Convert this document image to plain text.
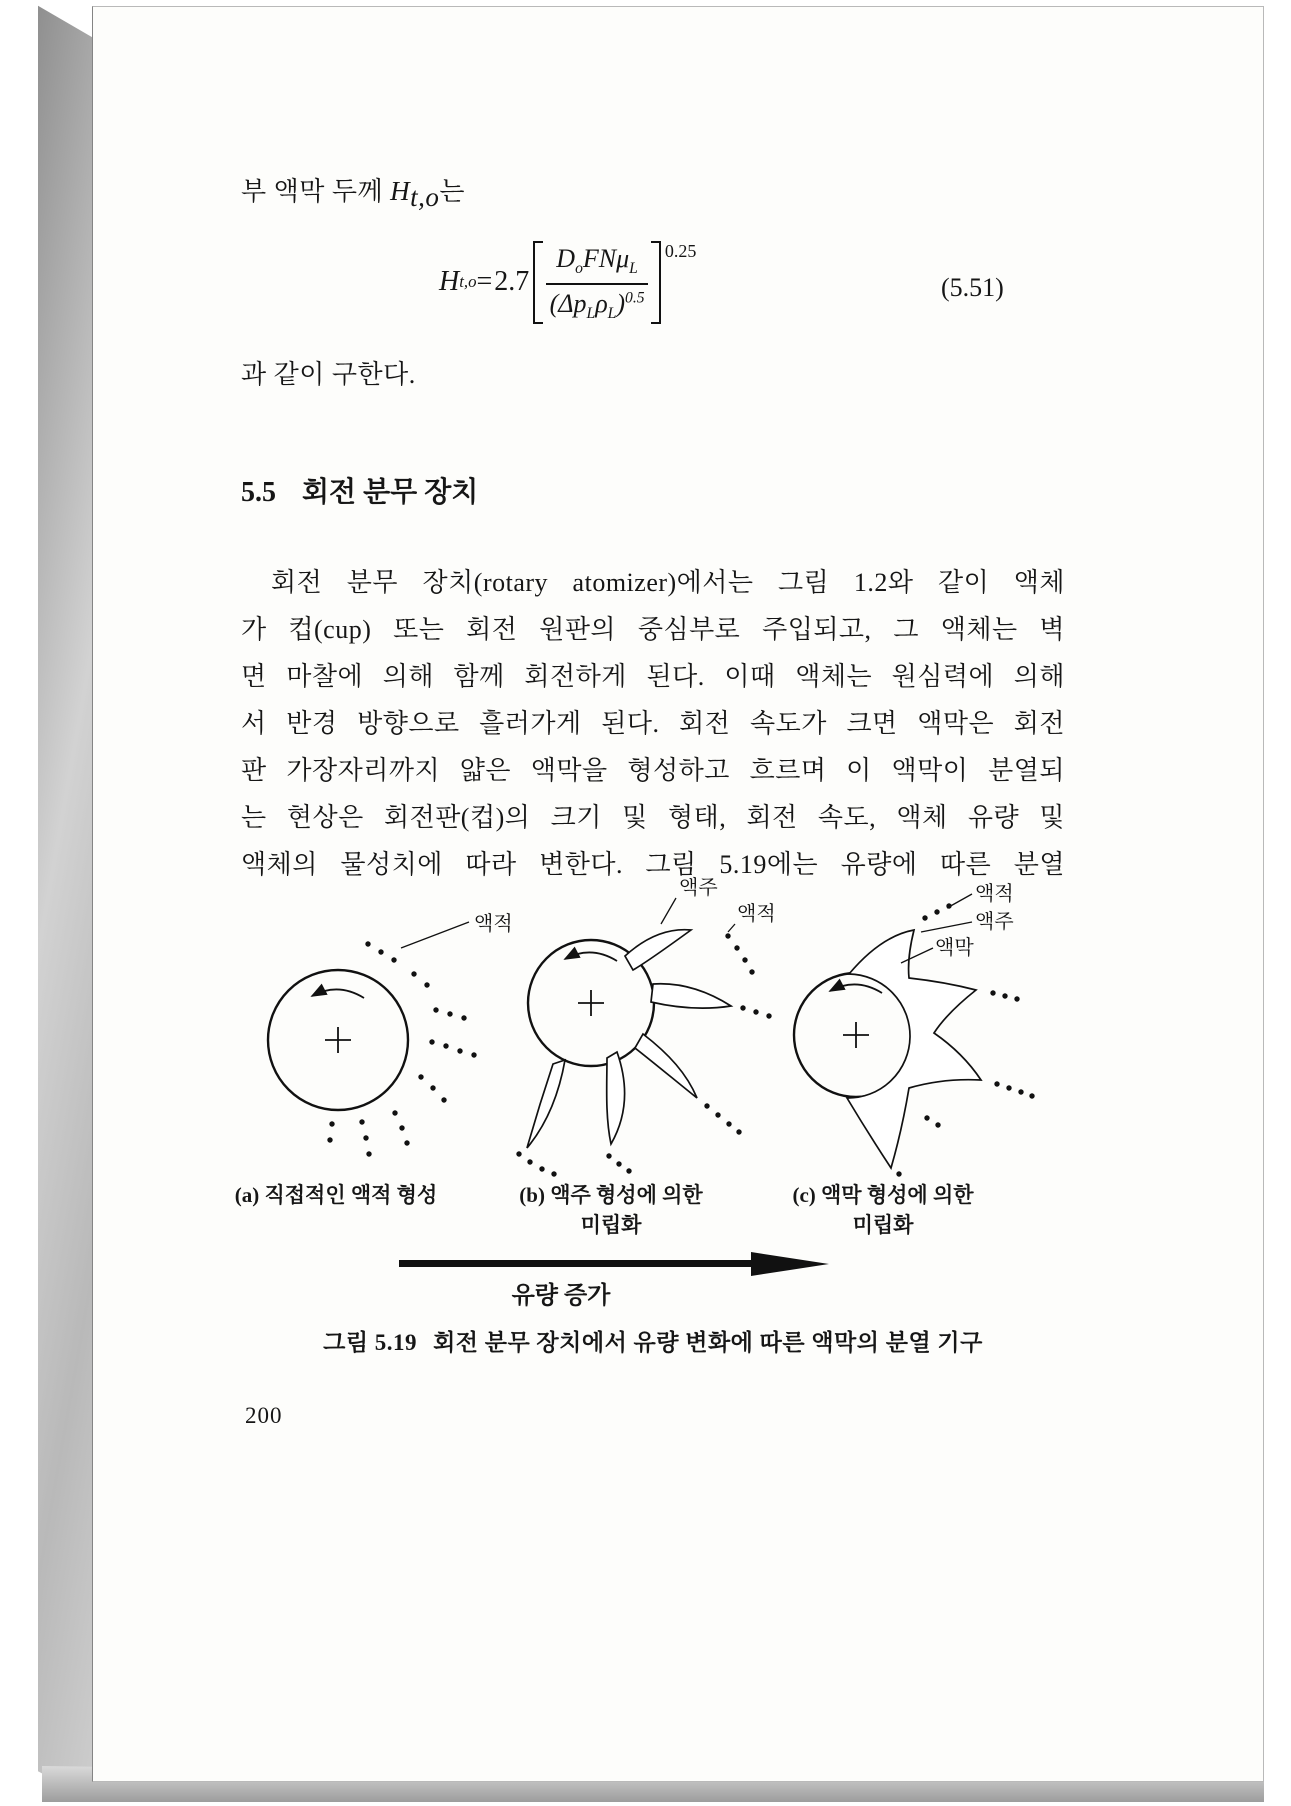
부 액막 두께 $H_{t,o}$는
H $t,o = 2.7 \frac{D_oFN\mu_L}{(\Delta p_L\rho_L)^{0.5}} 0.25$
(5.51)
과 같이 구한다.
5.5 회전 분무 장치
회전 분무 장치(rotary atomizer)에서는 그림 1.2와 같이 액체
가 컵(cup) 또는 회전 원판의 중심부로 주입되고, 그 액체는 벽
면 마찰에 의해 함께 회전하게 된다. 이때 액체는 원심력에 의해
서 반경 방향으로 흘러가게 된다. 회전 속도가 크면 액막은 회전
판 가장자리까지 얇은 액막을 형성하고 흐르며 이 액막이 분열되
는 현상은 회전판(컵)의 크기 및 형태, 회전 속도, 액체 유량 및
액체의 물성치에 따라 변한다. 그림 5.19에는 유량에 따른 분열
액적
액주
액적
액적
액주
액막
(a) 직접적인 액적 형성	(b) 액주 형성에 의한
미립화
(c) 액막 형성에 의한
미립화
유량 증가
그림 5.19 회전 분무 장치에서 유량 변화에 따른 액막의 분열 기구
200
